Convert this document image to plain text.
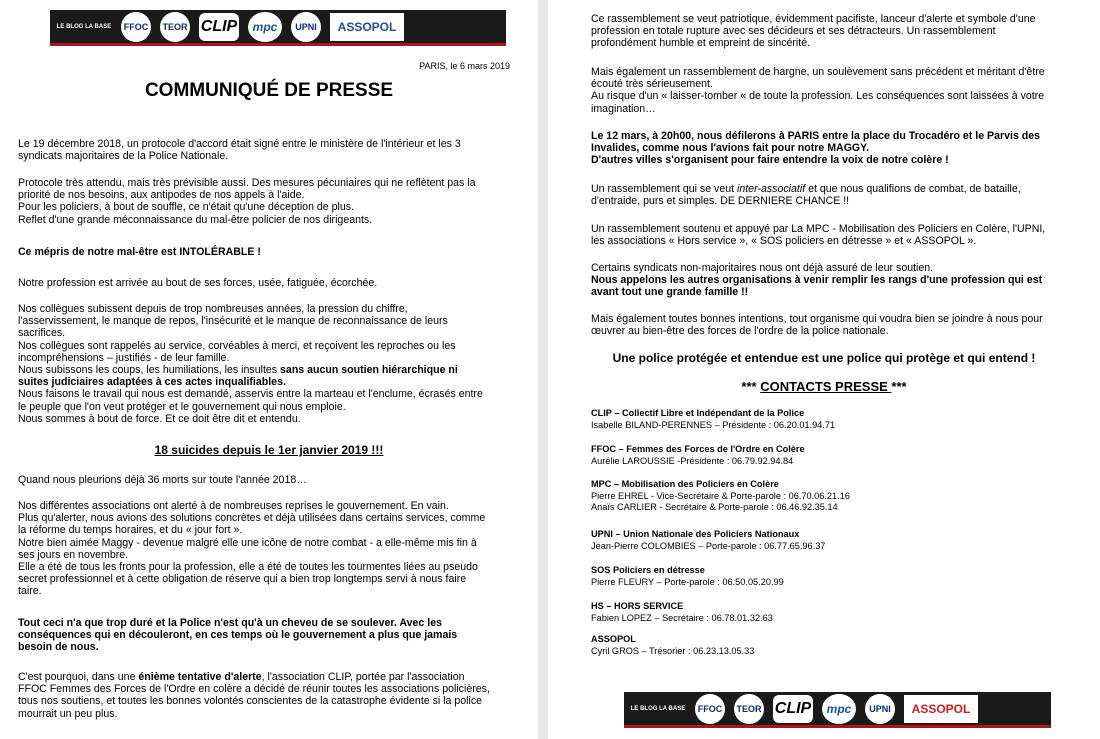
LE BLOG LA BASE FFOC TEOR CLIP mpc UPNI ASSOPOL
PARIS, le 6 mars 2019
COMMUNIQUÉ DE PRESSE

Le 19 décembre 2018, un protocole d'accord était signé entre le ministère de l'intérieur et les 3
syndicats majoritaires de la Police Nationale.

Protocole très attendu, mais très prévisible aussi. Des mesures pécuniaires qui ne reflètent pas la
priorité de nos besoins, aux antipodes de nos appels à l'aide.
Pour les policiers, à bout de souffle, ce n'était qu'une déception de plus.
Reflet d'une grande méconnaissance du mal-être policier de nos dirigeants.

Ce mépris de notre mal-être est INTOLÉRABLE !

Notre profession est arrivée au bout de ses forces, usée, fatiguée, écorchée.

Nos collègues subissent depuis de trop nombreuses années, la pression du chiffre,
l'asservissement, le manque de repos, l'insécurité et le manque de reconnaissance de leurs
sacrifices.
Nos collègues sont rappelés au service, corvéables à merci, et reçoivent les reproches ou les
incompréhensions – justifiés - de leur famille.
Nous subissons les coups, les humiliations, les insultes sans aucun soutien hiérarchique ni
suites judiciaires adaptées à ces actes inqualifiables.
Nous faisons le travail qui nous est demandé, asservis entre la marteau et l'enclume, écrasés entre
le peuple que l'on veut protéger et le gouvernement qui nous emploie.
Nous sommes à bout de force. Et ce doit être dit et entendu.

18 suicides depuis le 1er janvier 2019 !!!

Quand nous pleurions déjà 36 morts sur toute l'année 2018…

Nos différentes associations ont alerté à de nombreuses reprises le gouvernement. En vain.
Plus qu'alerter, nous avions des solutions concrètes et déjà utilisées dans certains services, comme
la réforme du temps horaires, et du « jour fort ».
Notre bien aimée Maggy - devenue malgré elle une icône de notre combat - a elle-même mis fin à
ses jours en novembre.
Elle a été de tous les fronts pour la profession, elle a été de toutes les tourmentes liées au pseudo
secret professionnel et à cette obligation de réserve qui a bien trop longtemps servi à nous faire
taire.

Tout ceci n'a que trop duré et la Police n'est qu'à un cheveu de se soulever. Avec les
conséquences qui en découleront, en ces temps où le gouvernement a plus que jamais
besoin de nous.

C'est pourquoi, dans une énième tentative d'alerte, l'association CLIP, portée par l'association
FFOC Femmes des Forces de l'Ordre en colère a décidé de réunir toutes les associations policières,
tous nos soutiens, et toutes les bonnes volontés conscientes de la catastrophe évidente si la police
mourrait un peu plus.

Ce rassemblement se veut patriotique, évidemment pacifiste, lanceur d'alerte et symbole d'une
profession en totale rupture avec ses décideurs et ses détracteurs. Un rassemblement
profondément humble et empreint de sincérité.

Mais également un rassemblement de hargne, un soulèvement sans précédent et méritant d'être
écouté très sérieusement.
Au risque d'un « laisser-tomber « de toute la profession. Les conséquences sont laissées à votre
imagination…

Le 12 mars, à 20h00, nous défilerons à PARIS entre la place du Trocadéro et le Parvis des
Invalides, comme nous l'avions fait pour notre MAGGY.
D'autres villes s'organisent pour faire entendre la voix de notre colère !

Un rassemblement qui se veut inter-associatif et que nous qualifions de combat, de bataille,
d'entraide, purs et simples. DE DERNIERE CHANCE !!

Un rassemblement soutenu et appuyé par La MPC - Mobilisation des Policiers en Colère, l'UPNI,
les associations « Hors service », « SOS policiers en détresse » et « ASSOPOL ».

Certains syndicats non-majoritaires nous ont déjà assuré de leur soutien.

Nous appelons les autres organisations à venir remplir les rangs d'une profession qui est
avant tout une grande famille !!

Mais également toutes bonnes intentions, tout organisme qui voudra bien se joindre à nous pour
œuvrer au bien-être des forces de l'ordre de la police nationale.

Une police protégée et entendue est une police qui protège et qui entend !

*** CONTACTS PRESSE ***

CLIP – Collectif Libre et Indépendant de la Police
Isabelle BILAND-PERENNES – Présidente : 06.20.01.94.71
FFOC – Femmes des Forces de l'Ordre en Colère
Aurélie LAROUSSIE -Présidente : 06.79.92.94.84
MPC – Mobilisation des Policiers en Colère
Pierre EHREL - Vice-Secrétaire & Porte-parole : 06.70.06.21.16
Anaïs CARLIER - Secrétaire & Porte-parole : 06.46.92.35.14
UPNI – Union Nationale des Policiers Nationaux
Jean-Pierre COLOMBIES – Porte-parole : 06.77.65.96.37
SOS Policiers en détresse
Pierre FLEURY – Porte-parole : 06.50.05.20.99
HS – HORS SERVICE
Fabien LOPEZ – Secrétaire : 06.78.01.32.63
ASSOPOL
Cyril GROS – Trésorier : 06.23.13.05.33
LE BLOG LA BASE FFOC TEOR CLIP mpc UPNI ASSOPOL
